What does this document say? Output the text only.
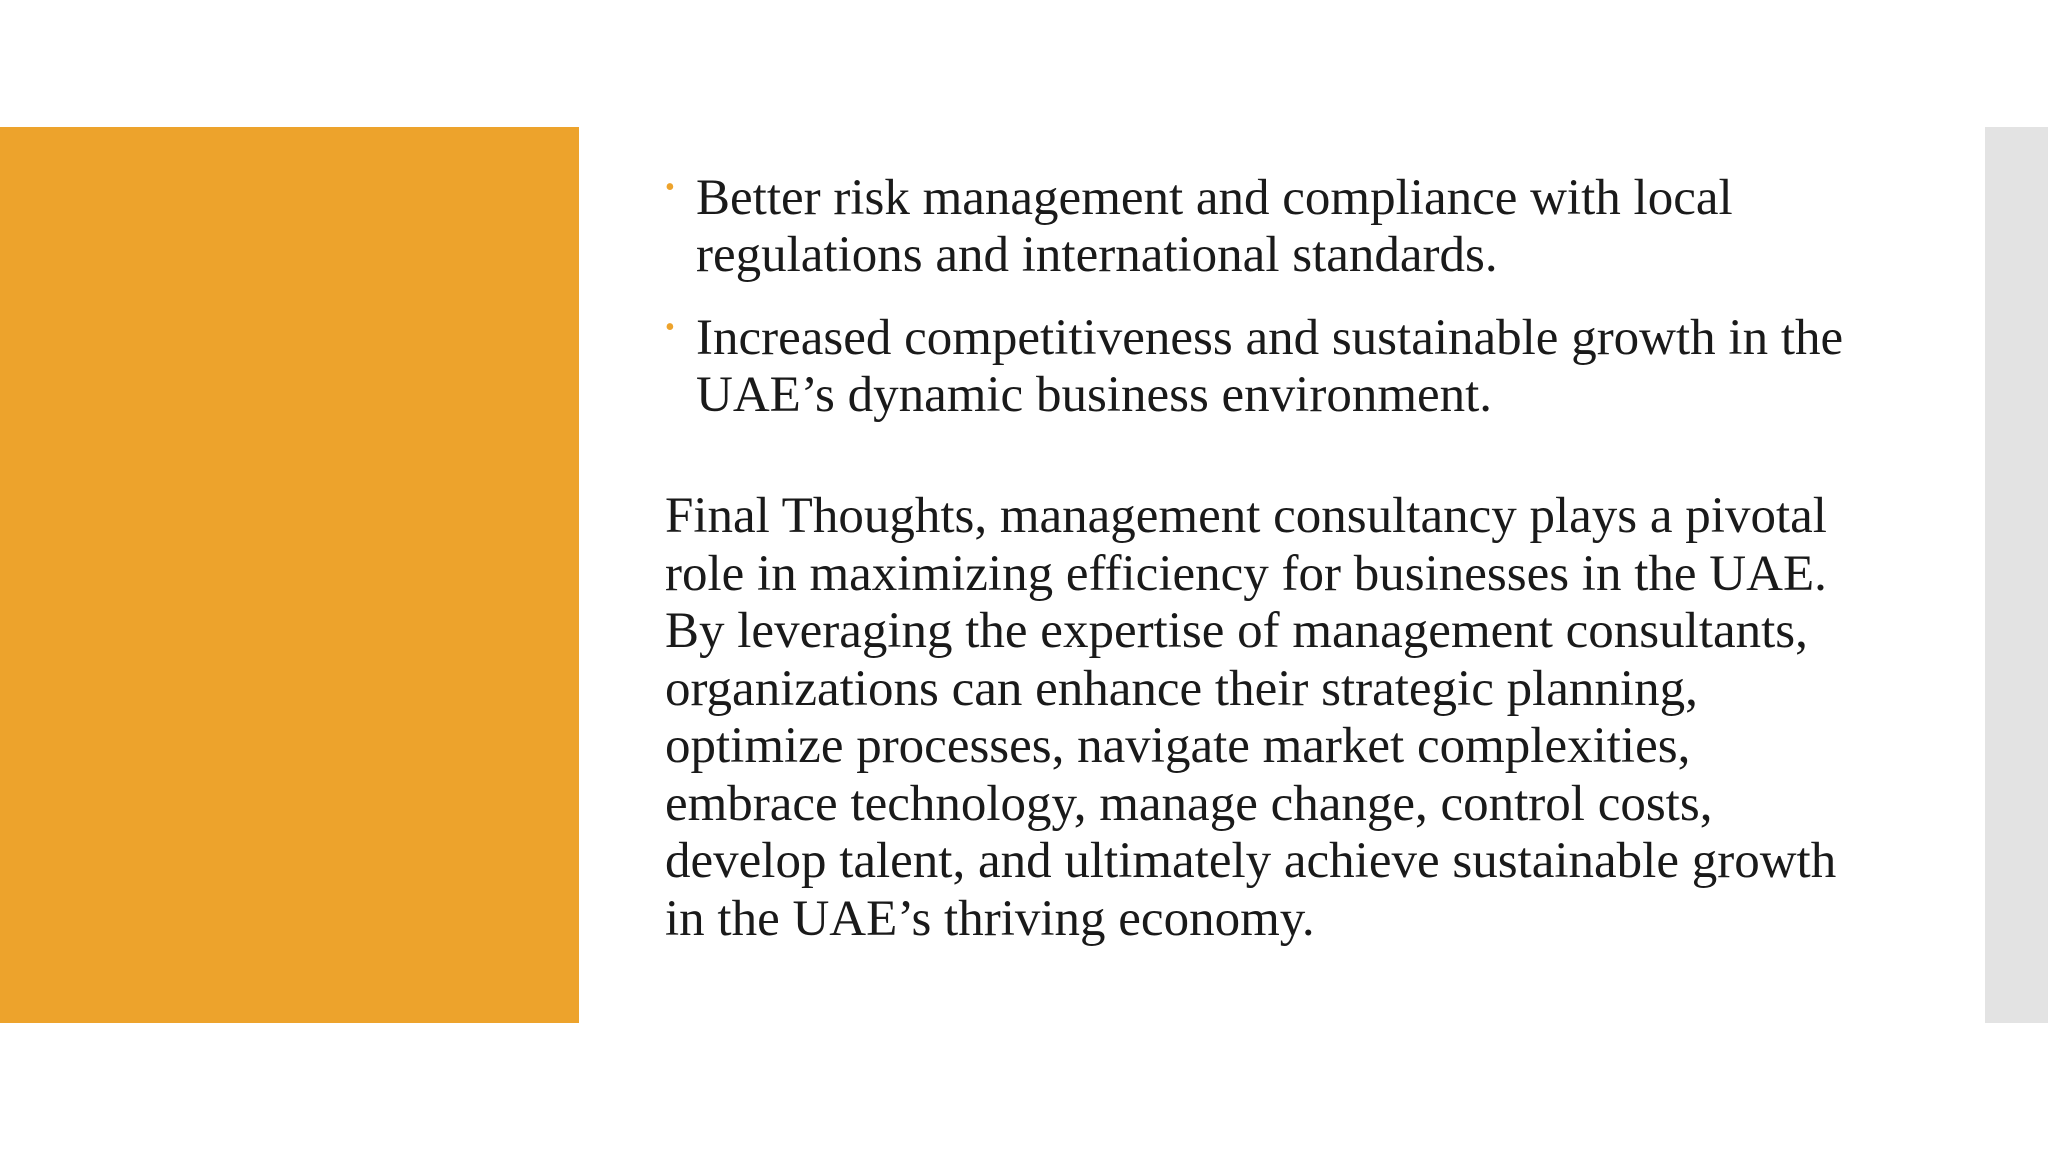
• Better risk management and compliance with local regulations and international standards.
• Increased competitiveness and sustainable growth in the UAE’s dynamic business environment.

Final Thoughts, management consultancy plays a pivotal role in maximizing efficiency for businesses in the UAE. By leveraging the expertise of management consultants, organizations can enhance their strategic planning, optimize processes, navigate market complexities, embrace technology, manage change, control costs, develop talent, and ultimately achieve sustainable growth in the UAE’s thriving economy.
